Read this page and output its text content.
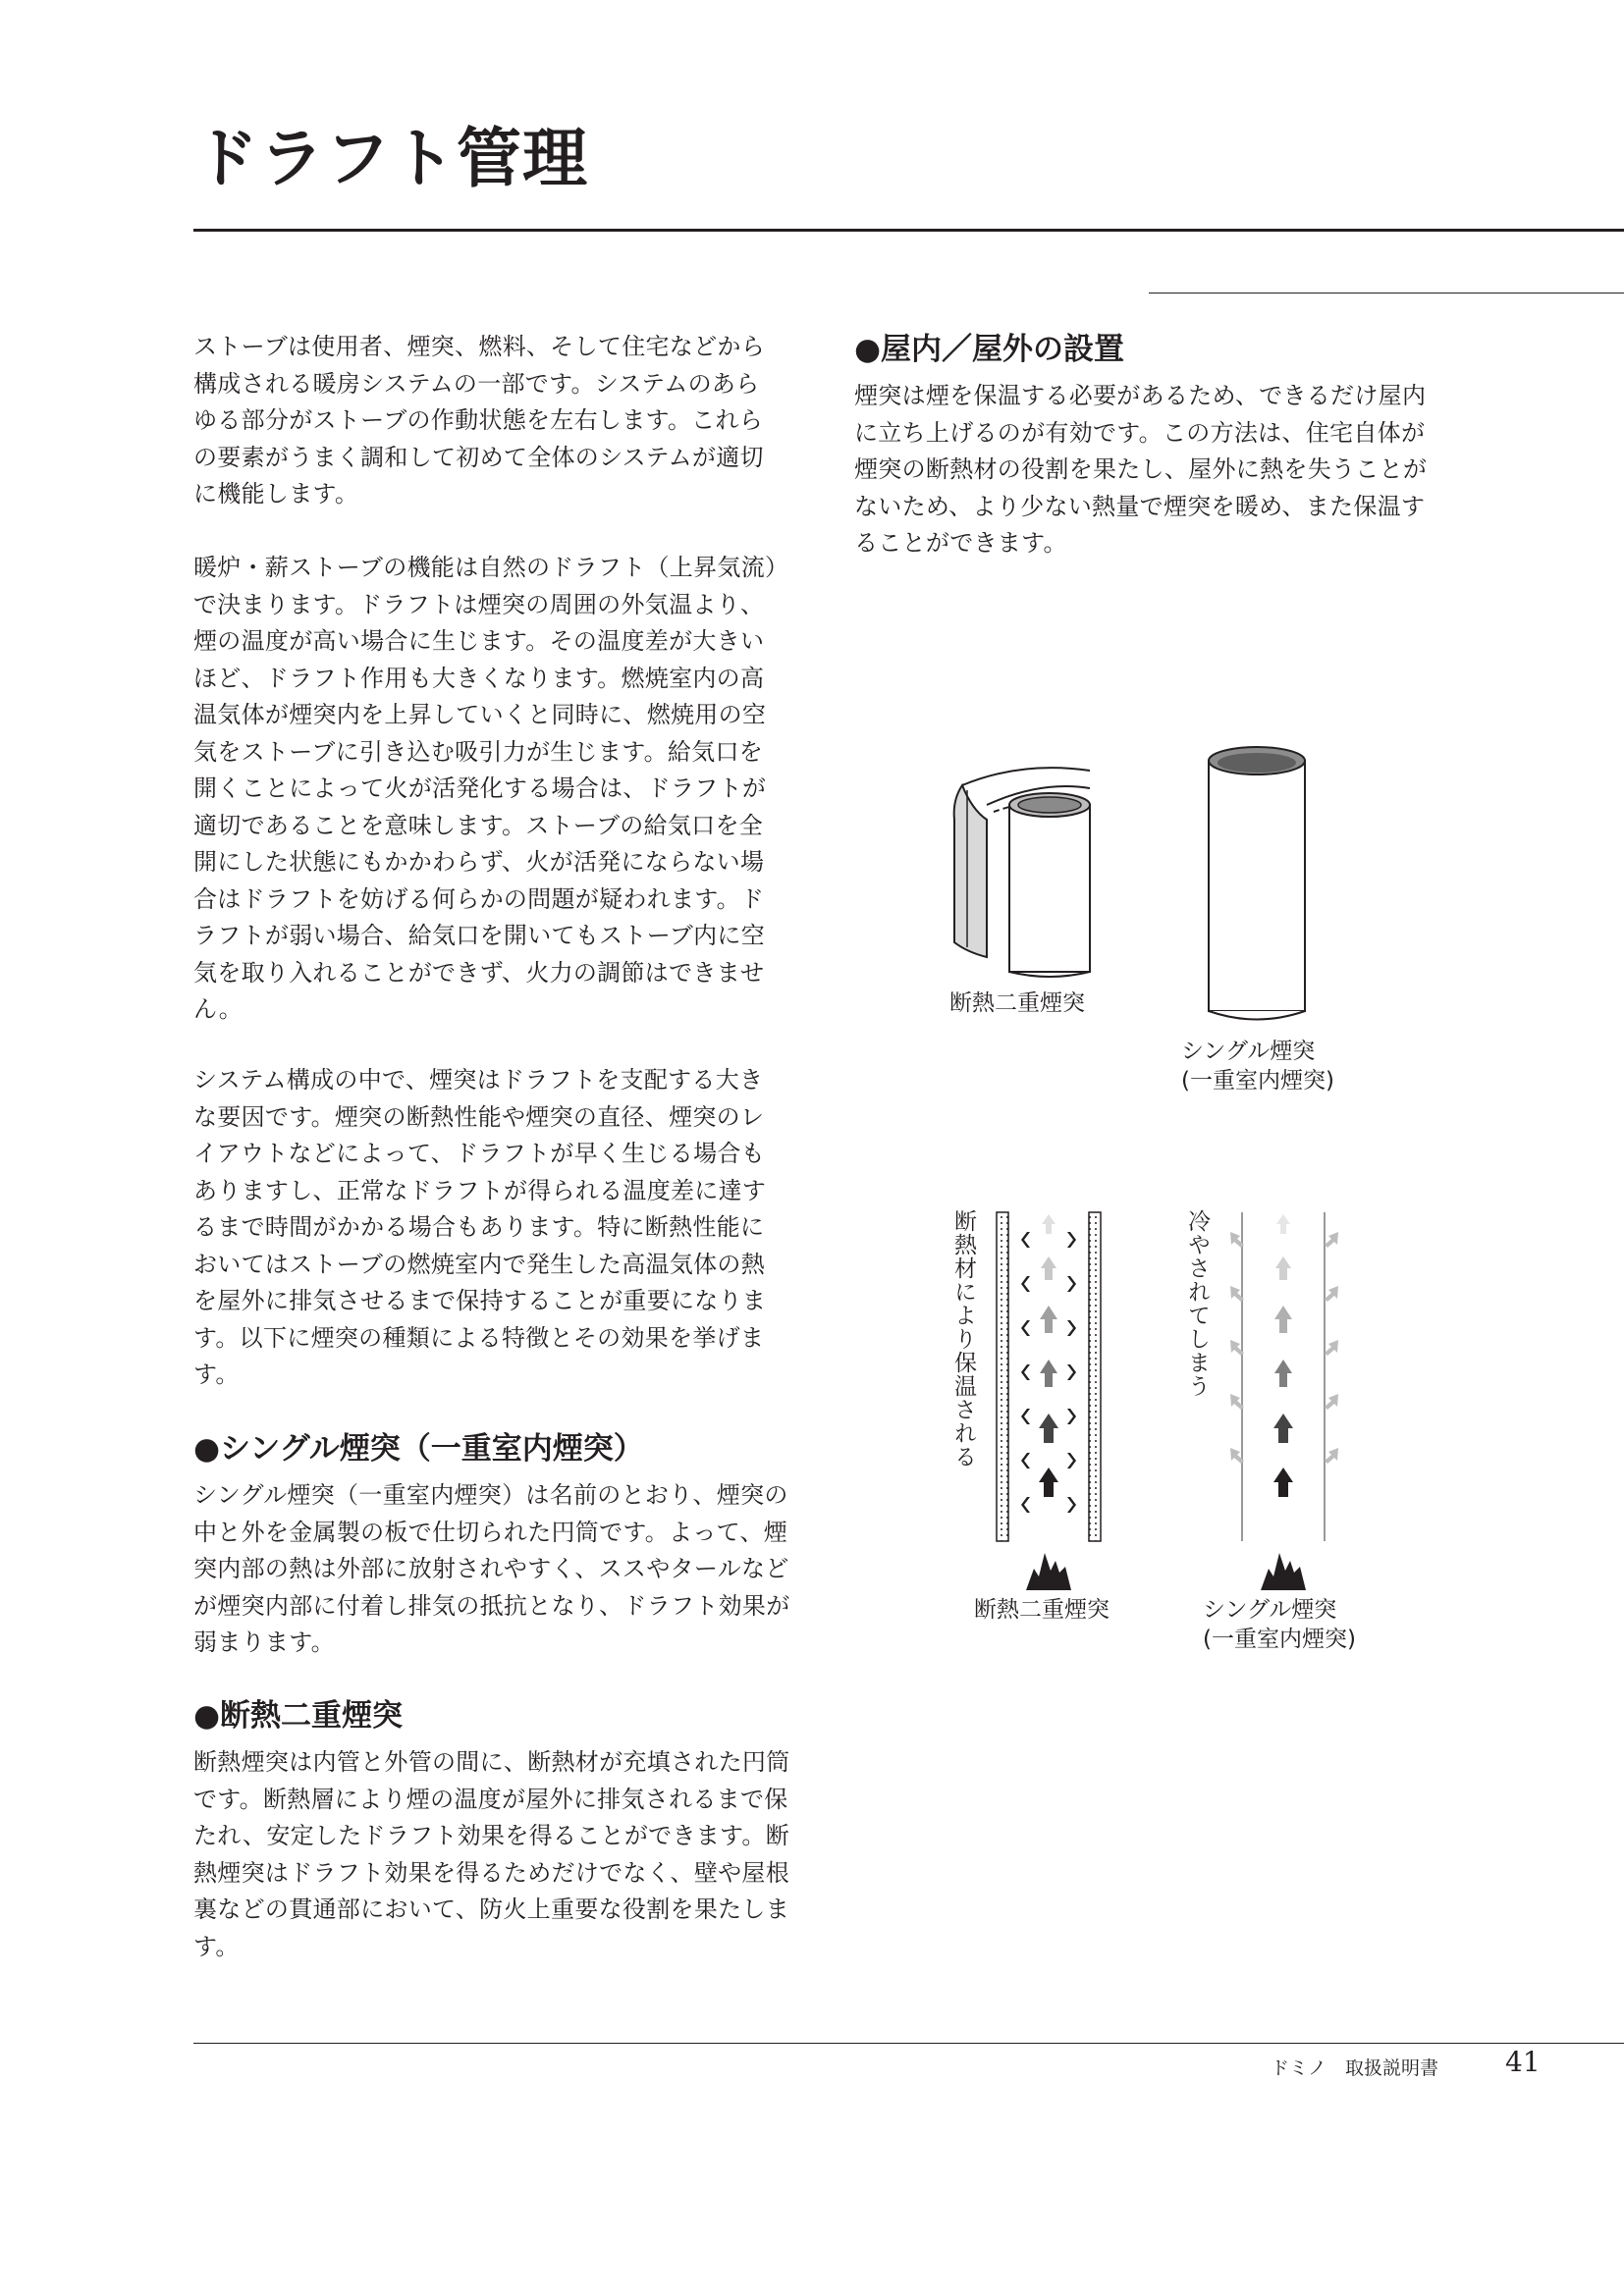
ドラフト管理

ストーブは使用者、煙突、燃料、そして住宅などから構成される暖房システムの一部です。システムのあらゆる部分がストーブの作動状態を左右します。これらの要素がうまく調和して初めて全体のシステムが適切に機能します。

暖炉・薪ストーブの機能は自然のドラフト（上昇気流）で決まります。ドラフトは煙突の周囲の外気温より、煙の温度が高い場合に生じます。その温度差が大きいほど、ドラフト作用も大きくなります。燃焼室内の高温気体が煙突内を上昇していくと同時に、燃焼用の空気をストーブに引き込む吸引力が生じます。給気口を開くことによって火が活発化する場合は、ドラフトが適切であることを意味します。ストーブの給気口を全開にした状態にもかかわらず、火が活発にならない場合はドラフトを妨げる何らかの問題が疑われます。ドラフトが弱い場合、給気口を開いてもストーブ内に空気を取り入れることができず、火力の調節はできません。

システム構成の中で、煙突はドラフトを支配する大きな要因です。煙突の断熱性能や煙突の直径、煙突のレイアウトなどによって、ドラフトが早く生じる場合もありますし、正常なドラフトが得られる温度差に達するまで時間がかかる場合もあります。特に断熱性能においてはストーブの燃焼室内で発生した高温気体の熱を屋外に排気させるまで保持することが重要になります。以下に煙突の種類による特徴とその効果を挙げます。

●シングル煙突（一重室内煙突）

シングル煙突（一重室内煙突）は名前のとおり、煙突の中と外を金属製の板で仕切られた円筒です。よって、煙突内部の熱は外部に放射されやすく、ススやタールなどが煙突内部に付着し排気の抵抗となり、ドラフト効果が弱まります。

●断熱二重煙突

断熱煙突は内管と外管の間に、断熱材が充填された円筒です。断熱層により煙の温度が屋外に排気されるまで保たれ、安定したドラフト効果を得ることができます。断熱煙突はドラフト効果を得るためだけでなく、壁や屋根裏などの貫通部において、防火上重要な役割を果たします。

●屋内／屋外の設置

煙突は煙を保温する必要があるため、できるだけ屋内に立ち上げるのが有効です。この方法は、住宅自体が煙突の断熱材の役割を果たし、屋外に熱を失うことがないため、より少ない熱量で煙突を暖め、また保温することができます。

断熱二重煙突

シングル煙突
(一重室内煙突)

断熱材により保温される

断熱二重煙突

冷やされてしまう

シングル煙突
(一重室内煙突)

ドミノ　取扱説明書 41
